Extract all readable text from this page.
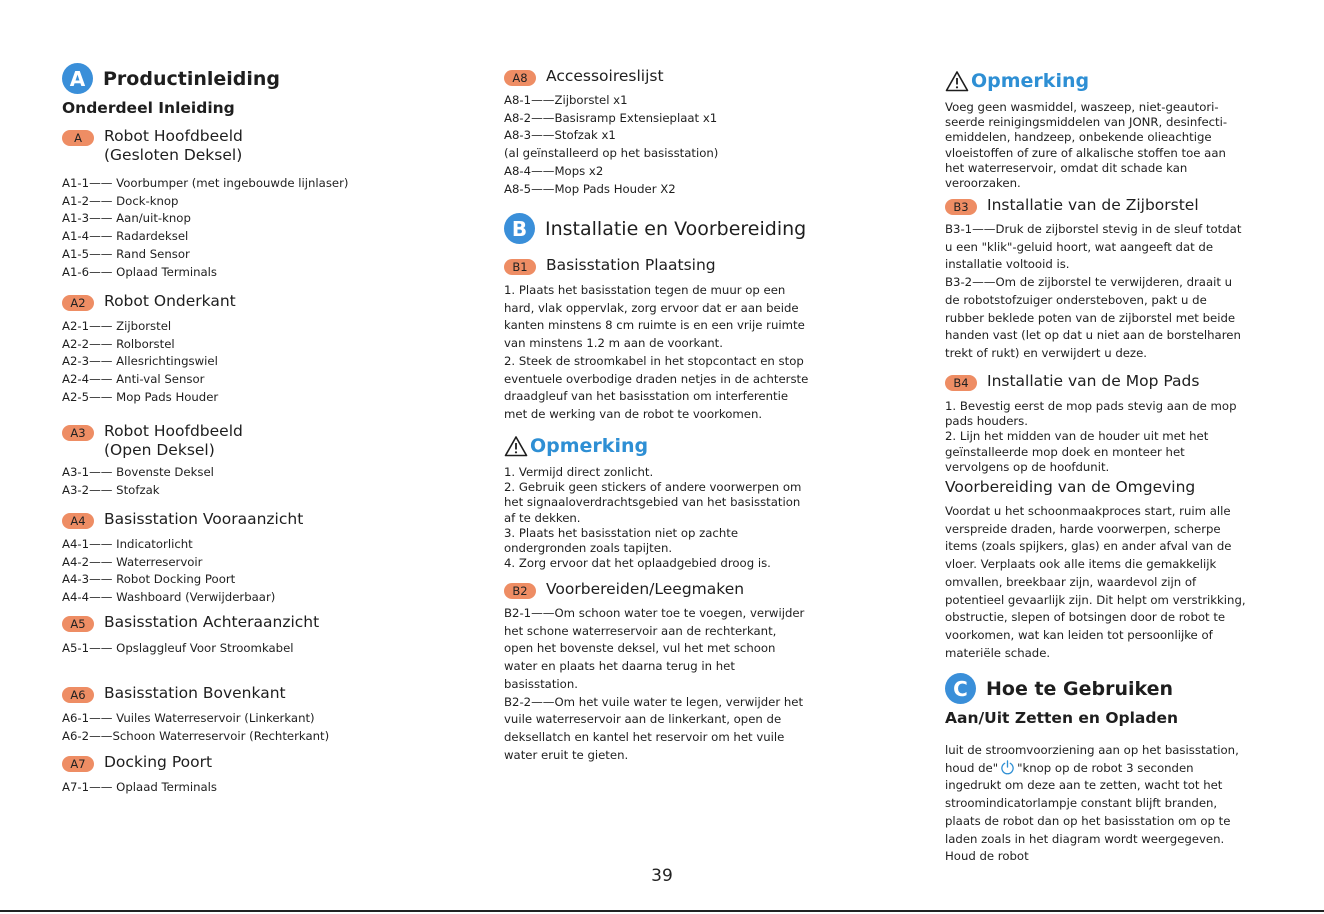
A Productinleiding
Onderdeel Inleiding
A	Robot Hoofdbeeld
(Gesloten Deksel)
A1-1—— Voorbumper (met ingebouwde lijnlaser)
A1-2—— Dock-knop
A1-3—— Aan/uit-knop
A1-4—— Radardeksel
A1-5—— Rand Sensor
A1-6—— Oplaad Terminals
A2	Robot Onderkant
A2-1—— Zijborstel
A2-2—— Rolborstel
A2-3—— Allesrichtingswiel
A2-4—— Anti-val Sensor
A2-5—— Mop Pads Houder
A3	Robot Hoofdbeeld
(Open Deksel)
A3-1—— Bovenste Deksel
A3-2—— Stofzak
A4	Basisstation Vooraanzicht
A4-1—— Indicatorlicht
A4-2—— Waterreservoir
A4-3—— Robot Docking Poort
A4-4—— Washboard (Verwijderbaar)
A5	Basisstation Achteraanzicht
A5-1—— Opslaggleuf Voor Stroomkabel
A6	Basisstation Bovenkant
A6-1—— Vuiles Waterreservoir (Linkerkant)
A6-2——Schoon Waterreservoir (Rechterkant)
A7	Docking Poort
A7-1—— Oplaad Terminals
A8	Accessoireslijst
A8-1——Zijborstel x1
A8-2——Basisramp Extensieplaat x1
A8-3——Stofzak x1
(al geïnstalleerd op het basisstation)
A8-4——Mops x2
A8-5——Mop Pads Houder X2
B Installatie en Voorbereiding
B1	Basisstation Plaatsing
1. Plaats het basisstation tegen de muur op een
hard, vlak oppervlak, zorg ervoor dat er aan beide
kanten minstens 8 cm ruimte is en een vrije ruimte
van minstens 1.2 m aan de voorkant.
2. Steek de stroomkabel in het stopcontact en stop
eventuele overbodige draden netjes in de achterste
draadgleuf van het basisstation om interferentie
met de werking van de robot te voorkomen.
Opmerking
1. Vermijd direct zonlicht.
2. Gebruik geen stickers of andere voorwerpen om
het signaaloverdrachtsgebied van het basisstation
af te dekken.
3. Plaats het basisstation niet op zachte
ondergronden zoals tapijten.
4. Zorg ervoor dat het oplaadgebied droog is.
B2	Voorbereiden/Leegmaken
B2-1——Om schoon water toe te voegen, verwijder
het schone waterreservoir aan de rechterkant,
open het bovenste deksel, vul het met schoon
water en plaats het daarna terug in het
basisstation.
B2-2——Om het vuile water te legen, verwijder het
vuile waterreservoir aan de linkerkant, open de
deksellatch en kantel het reservoir om het vuile
water eruit te gieten.
Opmerking
Voeg geen wasmiddel, waszeep, niet-geautori-
seerde reinigingsmiddelen van JONR, desinfecti-
emiddelen, handzeep, onbekende olieachtige
vloeistoffen of zure of alkalische stoffen toe aan
het waterreservoir, omdat dit schade kan
veroorzaken.
B3	Installatie van de Zijborstel
B3-1——Druk de zijborstel stevig in de sleuf totdat
u een "klik"-geluid hoort, wat aangeeft dat de
installatie voltooid is.
B3-2——Om de zijborstel te verwijderen, draait u
de robotstofzuiger ondersteboven, pakt u de
rubber beklede poten van de zijborstel met beide
handen vast (let op dat u niet aan de borstelharen
trekt of rukt) en verwijdert u deze.
B4	Installatie van de Mop Pads
1. Bevestig eerst de mop pads stevig aan de mop
pads houders.
2. Lijn het midden van de houder uit met het
geïnstalleerde mop doek en monteer het
vervolgens op de hoofdunit.
Voorbereiding van de Omgeving
Voordat u het schoonmaakproces start, ruim alle
verspreide draden, harde voorwerpen, scherpe
items (zoals spijkers, glas) en ander afval van de
vloer. Verplaats ook alle items die gemakkelijk
omvallen, breekbaar zijn, waardevol zijn of
potentieel gevaarlijk zijn. Dit helpt om verstrikking,
obstructie, slepen of botsingen door de robot te
voorkomen, wat kan leiden tot persoonlijke of
materiële schade.
C Hoe te Gebruiken
Aan/Uit Zetten en Opladen
luit de stroomvoorziening aan op het basisstation,
houd de" "knop op de robot 3 seconden
ingedrukt om deze aan te zetten, wacht tot het
stroomindicatorlampje constant blijft branden,
plaats de robot dan op het basisstation om op te
laden zoals in het diagram wordt weergegeven.
Houd de robot
39
